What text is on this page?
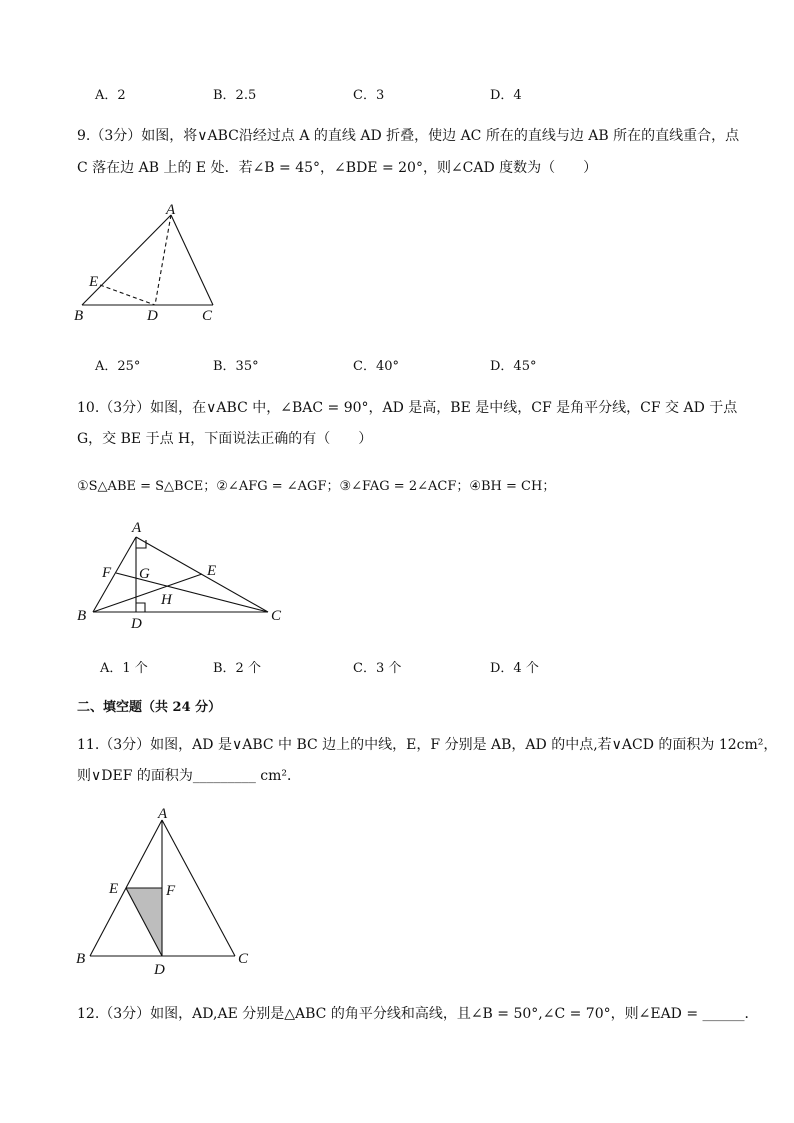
A．2	B．2.5	C．3	D．4
9.（3分）如图，将∨ABC沿经过点 A 的直线 AD 折叠，使边 AC 所在的直线与边 AB 所在的直线重合，点
C 落在边 AB 上的 E 处．若∠B = 45°，∠BDE = 20°，则∠CAD 度数为（　　）
A
E
B	D	C
A．25°	B．35°	C．40°	D．45°
10.（3分）如图，在∨ABC 中，∠BAC = 90°，AD 是高，BE 是中线，CF 是角平分线，CF 交 AD 于点
G，交 BE 于点 H，下面说法正确的有（　　）
①S△ABE = S△BCE；②∠AFG = ∠AGF；③∠FAG = 2∠ACF；④BH = CH；
A
F G	E
H
B	D	C
A．1 个	B．2 个	C．3 个	D．4 个
二、填空题（共 24 分）
11.（3分）如图，AD 是∨ABC 中 BC 边上的中线，E，F 分别是 AB，AD 的中点,若∨ACD 的面积为 12cm²，
则∨DEF 的面积为_________ cm²．
A
E	F
B
D
C
12.（3分）如图，AD,AE 分别是△ABC 的角平分线和高线，且∠B = 50°,∠C = 70°，则∠EAD = ______．
